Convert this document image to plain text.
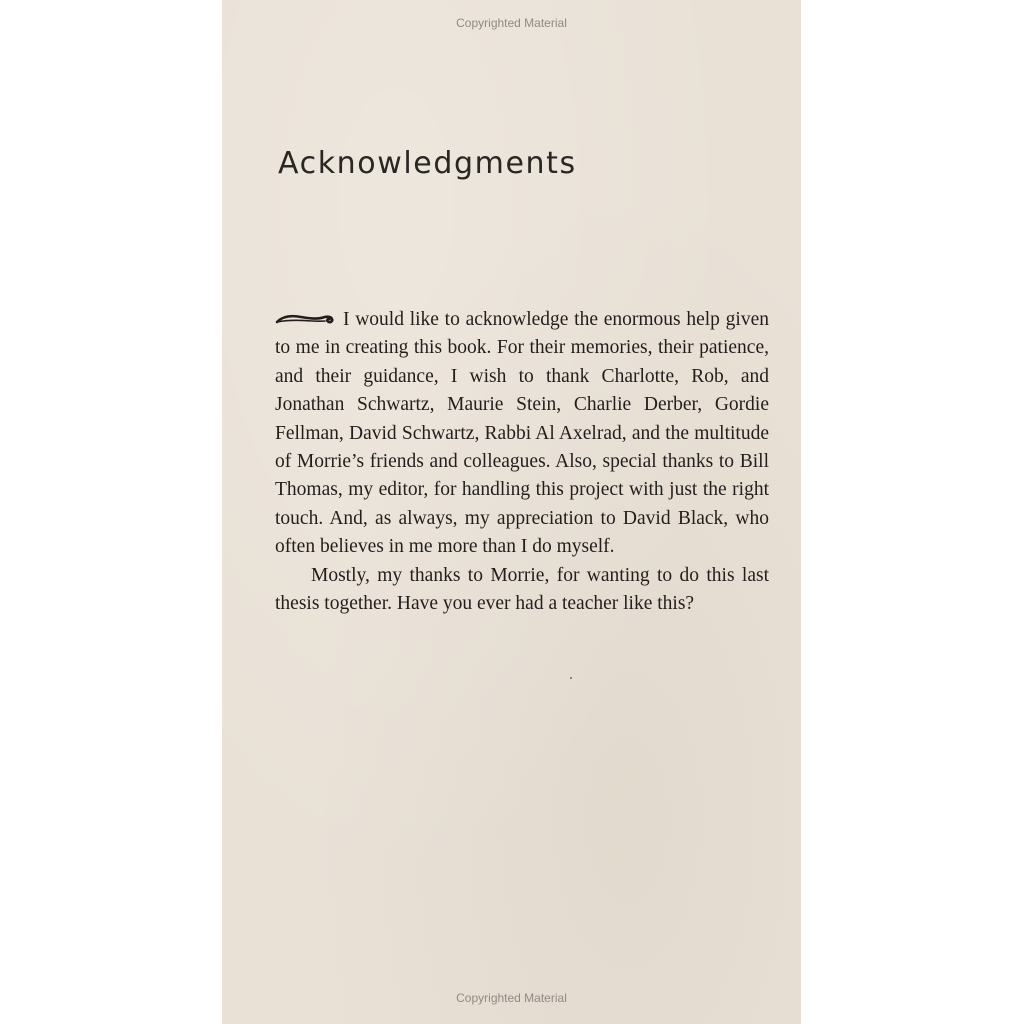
Copyrighted Material
Acknowledgments

I would like to acknowledge the enormous help given to me in creating this book. For their memories, their patience, and their guidance, I wish to thank Charlotte, Rob, and Jonathan Schwartz, Maurie Stein, Charlie Derber, Gordie Fellman, David Schwartz, Rabbi Al Axelrad, and the multitude of Morrie’s friends and colleagues. Also, special thanks to Bill Thomas, my editor, for handling this project with just the right touch. And, as always, my appreciation to David Black, who often believes in me more than I do myself.

Mostly, my thanks to Morrie, for wanting to do this last thesis together. Have you ever had a teacher like this?

Copyrighted Material
